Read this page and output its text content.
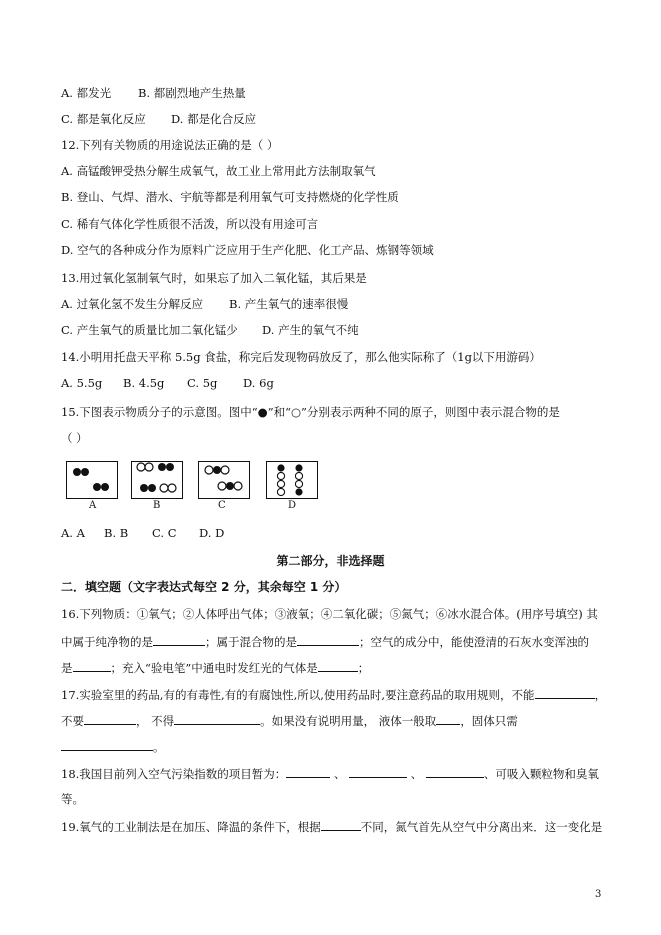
A. 都发光 B. 都剧烈地产生热量
C. 都是氧化反应 D. 都是化合反应
12.下列有关物质的用途说法正确的是（ ）
A. 高锰酸钾受热分解生成氧气，故工业上常用此方法制取氧气
B. 登山、气焊、潜水、宇航等都是利用氧气可支持燃烧的化学性质
C. 稀有气体化学性质很不活泼，所以没有用途可言
D. 空气的各种成分作为原料广泛应用于生产化肥、化工产品、炼钢等领域
13.用过氧化氢制氧气时，如果忘了加入二氧化锰，其后果是
A. 过氧化氢不发生分解反应 B. 产生氧气的速率很慢
C. 产生氧气的质量比加二氧化锰少 D. 产生的氧气不纯
14.小明用托盘天平称 5.5g 食盐，称完后发现物码放反了，那么他实际称了（1g以下用游码）
A. 5.5g B. 4.5g C. 5g D. 6g
15.下图表示物质分子的示意图。图中“●”和“○”分别表示两种不同的原子，则图中表示混合物的是
（ ）
A	B	C	D
A. A B. B C. C D. D
第二部分，非选择题
二．填空题（文字表达式每空 2 分，其余每空 1 分）
16.下列物质：①氧气；②人体呼出气体；③液氧；④二氧化碳；⑤氮气；⑥冰水混合体。(用序号填空) 其
中属于纯净物的是	；属于混合物的是	；空气的成分中，能使澄清的石灰水变浑浊的
是	；充入“验电笔”中通电时发红光的气体是	；
17.实验室里的药品,有的有毒性,有的有腐蚀性,所以,使用药品时,要注意药品的取用规则，不能	，
不要	， 不得	。如果没有说明用量， 液体一般取 ，固体只需
。
18.我国目前列入空气污染指数的项目暂为：	、	、	、可吸入颗粒物和臭氧
等。
19.氧气的工业制法是在加压、降温的条件下，根据	不同，氮气首先从空气中分离出来．这一变化是
3
